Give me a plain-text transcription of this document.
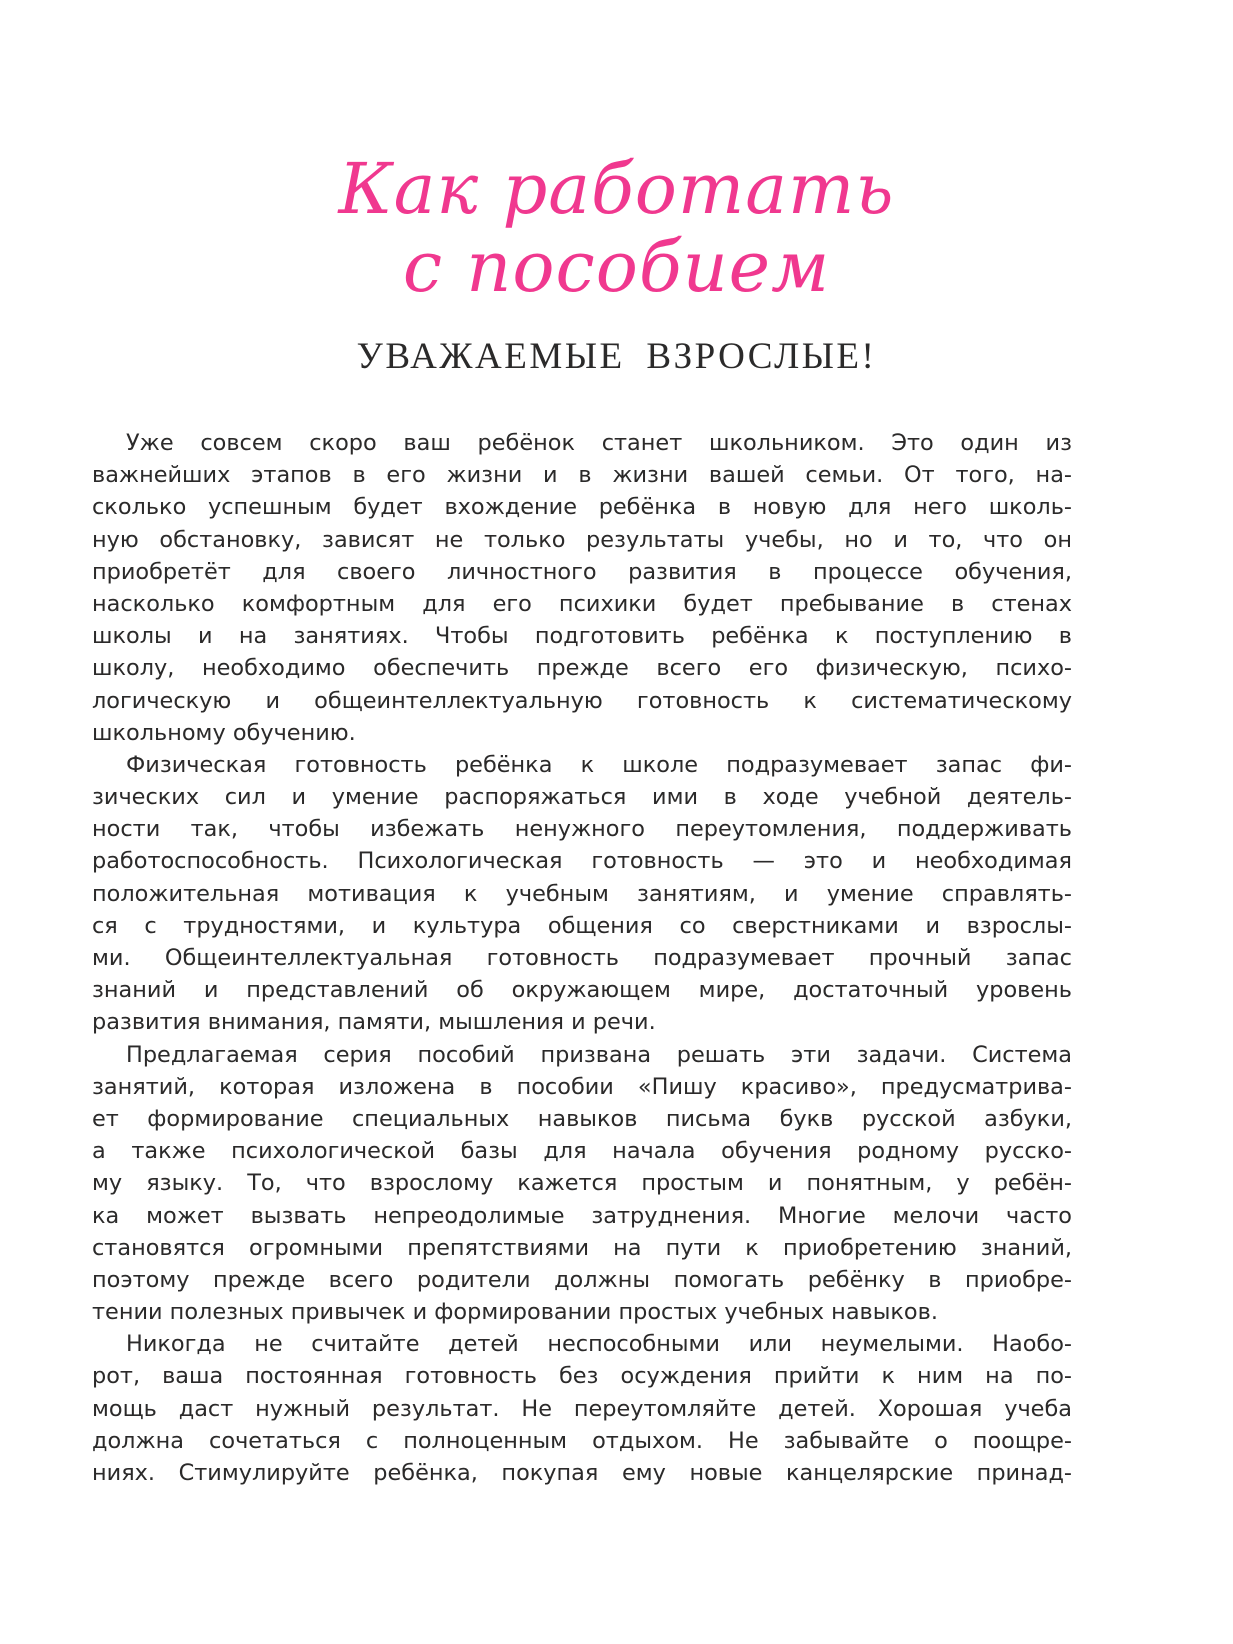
Как работать
с пособием
УВАЖАЕМЫЕ ВЗРОСЛЫЕ!
Уже совсем скоро ваш ребёнок станет школьником. Это один из
важнейших этапов в его жизни и в жизни вашей семьи. От того, на-
сколько успешным будет вхождение ребёнка в новую для него школь-
ную обстановку, зависят не только результаты учебы, но и то, что он
приобретёт для своего личностного развития в процессе обучения,
насколько комфортным для его психики будет пребывание в стенах
школы и на занятиях. Чтобы подготовить ребёнка к поступлению в
школу, необходимо обеспечить прежде всего его физическую, психо-
логическую и общеинтеллектуальную готовность к систематическому
школьному обучению.
Физическая готовность ребёнка к школе подразумевает запас фи-
зических сил и умение распоряжаться ими в ходе учебной деятель-
ности так, чтобы избежать ненужного переутомления, поддерживать
работоспособность. Психологическая готовность — это и необходимая
положительная мотивация к учебным занятиям, и умение справлять-
ся с трудностями, и культура общения со сверстниками и взрослы-
ми. Общеинтеллектуальная готовность подразумевает прочный запас
знаний и представлений об окружающем мире, достаточный уровень
развития внимания, памяти, мышления и речи.
Предлагаемая серия пособий призвана решать эти задачи. Система
занятий, которая изложена в пособии «Пишу красиво», предусматрива-
ет формирование специальных навыков письма букв русской азбуки,
а также психологической базы для начала обучения родному русско-
му языку. То, что взрослому кажется простым и понятным, у ребён-
ка может вызвать непреодолимые затруднения. Многие мелочи часто
становятся огромными препятствиями на пути к приобретению знаний,
поэтому прежде всего родители должны помогать ребёнку в приобре-
тении полезных привычек и формировании простых учебных навыков.
Никогда не считайте детей неспособными или неумелыми. Наобо-
рот, ваша постоянная готовность без осуждения прийти к ним на по-
мощь даст нужный результат. Не переутомляйте детей. Хорошая учеба
должна сочетаться с полноценным отдыхом. Не забывайте о поощре-
ниях. Стимулируйте ребёнка, покупая ему новые канцелярские принад-
